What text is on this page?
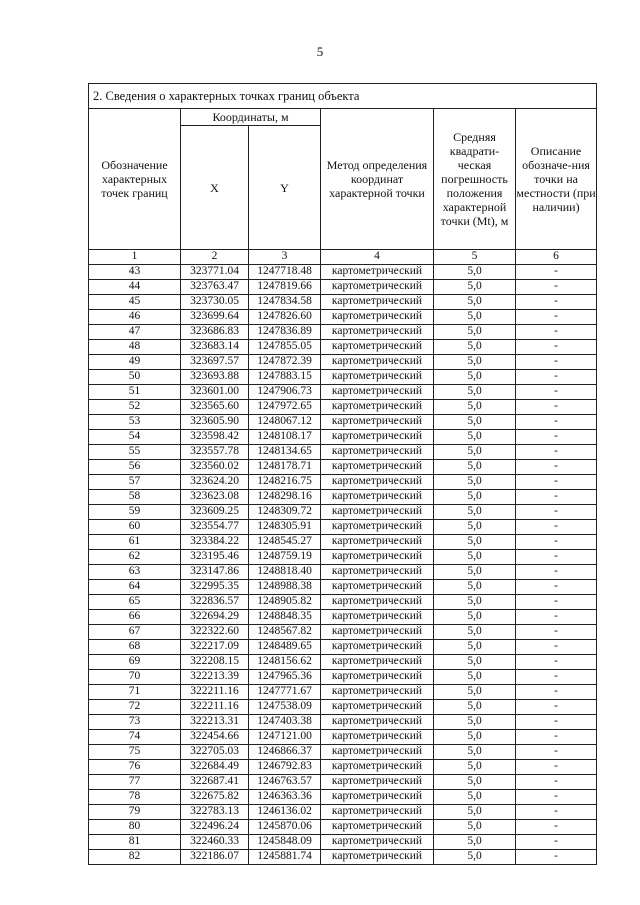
5
2. Сведения о характерных точках границ объекта					
Обозначение характерных точек границ	Координаты, м		Метод определения координат характерной точки	Средняя квадрати-ческая погрешность положения характерной точки (Mt), м	Описание обозначе-ния точки на местности (при наличии)
	X	Y			
1	2	3	4	5	6
43	323771.04	1247718.48	картометрический	5,0	-
44	323763.47	1247819.66	картометрический	5,0	-
45	323730.05	1247834.58	картометрический	5,0	-
46	323699.64	1247826.60	картометрический	5,0	-
47	323686.83	1247836.89	картометрический	5,0	-
48	323683.14	1247855.05	картометрический	5,0	-
49	323697.57	1247872.39	картометрический	5,0	-
50	323693.88	1247883.15	картометрический	5,0	-
51	323601.00	1247906.73	картометрический	5,0	-
52	323565.60	1247972.65	картометрический	5,0	-
53	323605.90	1248067.12	картометрический	5,0	-
54	323598.42	1248108.17	картометрический	5,0	-
55	323557.78	1248134.65	картометрический	5,0	-
56	323560.02	1248178.71	картометрический	5,0	-
57	323624.20	1248216.75	картометрический	5,0	-
58	323623.08	1248298.16	картометрический	5,0	-
59	323609.25	1248309.72	картометрический	5,0	-
60	323554.77	1248305.91	картометрический	5,0	-
61	323384.22	1248545.27	картометрический	5,0	-
62	323195.46	1248759.19	картометрический	5,0	-
63	323147.86	1248818.40	картометрический	5,0	-
64	322995.35	1248988.38	картометрический	5,0	-
65	322836.57	1248905.82	картометрический	5,0	-
66	322694.29	1248848.35	картометрический	5,0	-
67	322322.60	1248567.82	картометрический	5,0	-
68	322217.09	1248489.65	картометрический	5,0	-
69	322208.15	1248156.62	картометрический	5,0	-
70	322213.39	1247965.36	картометрический	5,0	-
71	322211.16	1247771.67	картометрический	5,0	-
72	322211.16	1247538.09	картометрический	5,0	-
73	322213.31	1247403.38	картометрический	5,0	-
74	322454.66	1247121.00	картометрический	5,0	-
75	322705.03	1246866.37	картометрический	5,0	-
76	322684.49	1246792.83	картометрический	5,0	-
77	322687.41	1246763.57	картометрический	5,0	-
78	322675.82	1246363.36	картометрический	5,0	-
79	322783.13	1246136.02	картометрический	5,0	-
80	322496.24	1245870.06	картометрический	5,0	-
81	322460.33	1245848.09	картометрический	5,0	-
82	322186.07	1245881.74	картометрический	5,0	-
